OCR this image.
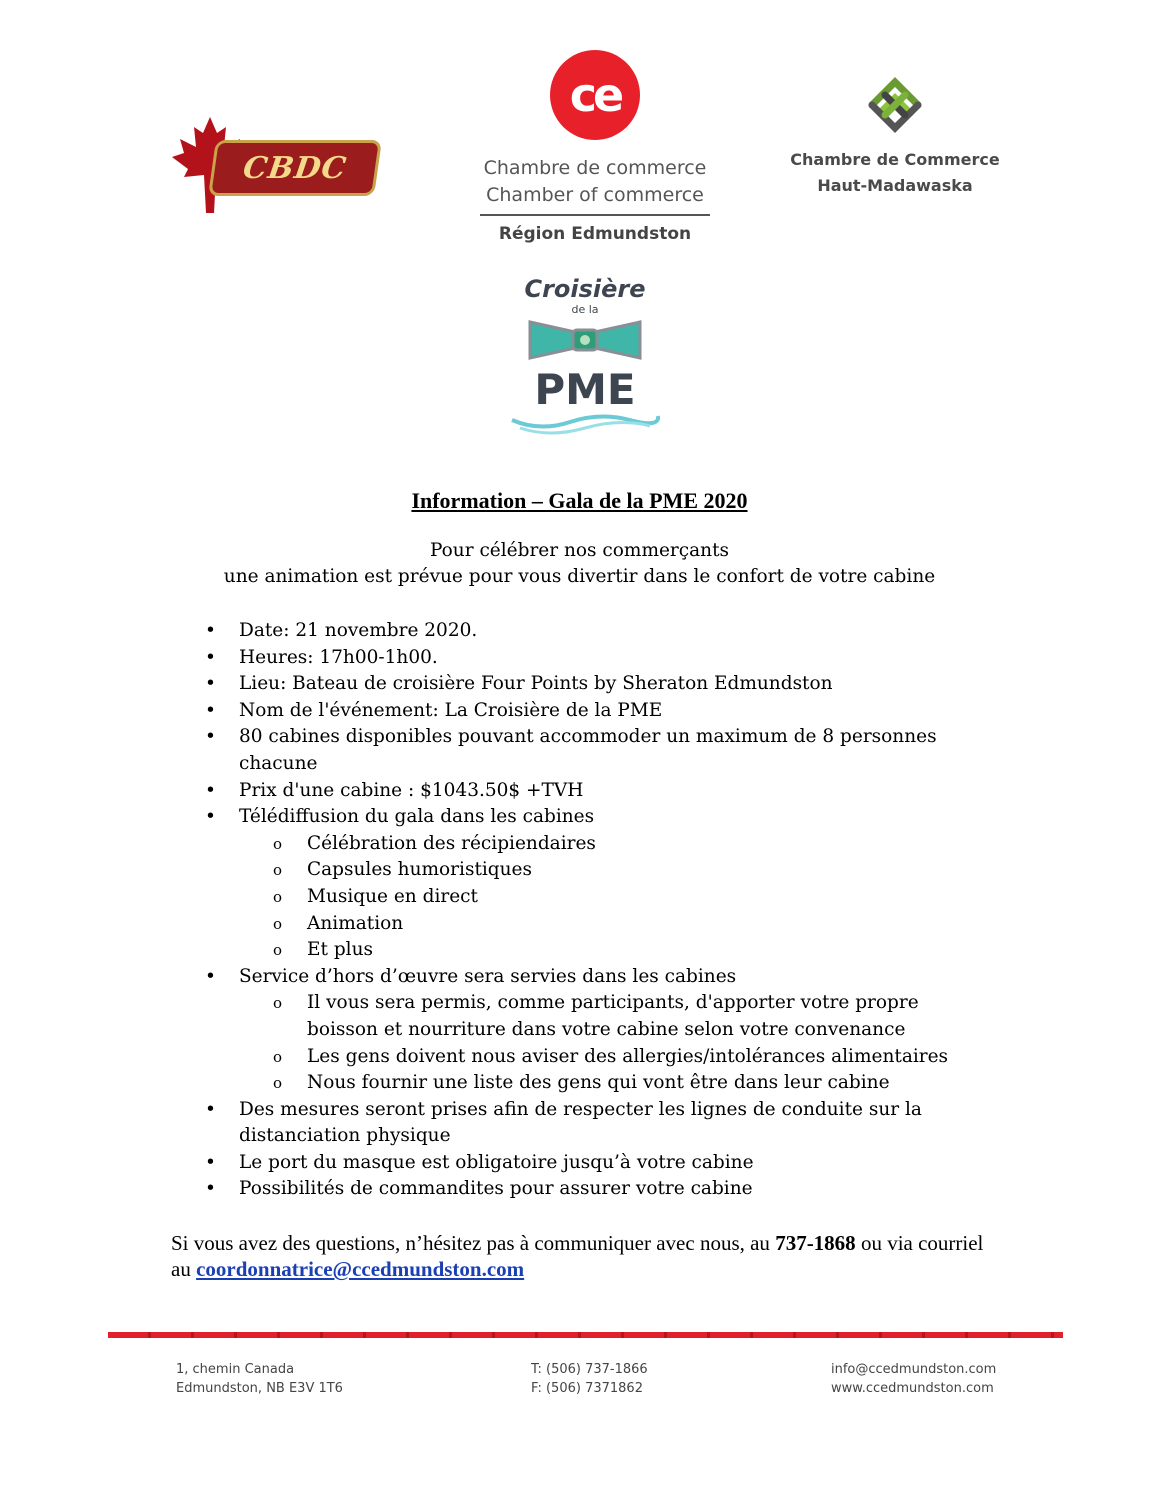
CBDC
ce
Chambre de commerce
Chamber of commerce
Région Edmundston
Chambre de Commerce
Haut-Madawaska
Croisière
de la
PME
Information – Gala de la PME 2020
Pour célébrer nos commerçants
une animation est prévue pour vous divertir dans le confort de votre cabine
• Date: 21 novembre 2020.
• Heures: 17h00-1h00.
• Lieu: Bateau de croisière Four Points by Sheraton Edmundston
• Nom de l'événement: La Croisière de la PME
• 80 cabines disponibles pouvant accommoder un maximum de 8 personnes chacune
• Prix d'une cabine : $1043.50$ +TVH
• Télédiffusion du gala dans les cabines
o Célébration des récipiendaires
o Capsules humoristiques
o Musique en direct
o Animation
o Et plus
• Service d’hors d’œuvre sera servies dans les cabines
o Il vous sera permis, comme participants, d'apporter votre propre boisson et nourriture dans votre cabine selon votre convenance
o Les gens doivent nous aviser des allergies/intolérances alimentaires
o Nous fournir une liste des gens qui vont être dans leur cabine
• Des mesures seront prises afin de respecter les lignes de conduite sur la distanciation physique
• Le port du masque est obligatoire jusqu’à votre cabine
• Possibilités de commandites pour assurer votre cabine
Si vous avez des questions, n’hésitez pas à communiquer avec nous, au 737-1868 ou via courriel au coordonnatrice@ccedmundston.com
1, chemin Canada
Edmundston, NB E3V 1T6
T: (506) 737-1866
F: (506) 7371862
info@ccedmundston.com
www.ccedmundston.com
